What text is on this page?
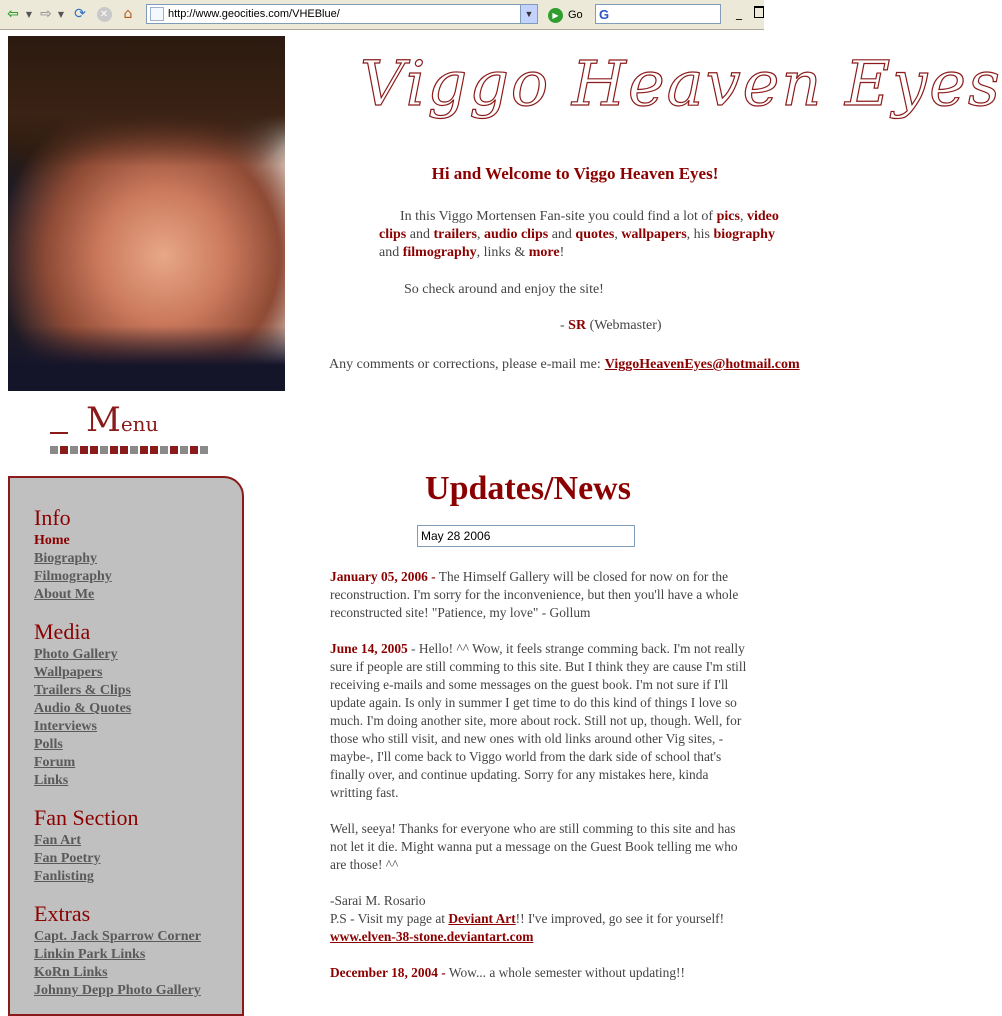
⇦ ▼ ⇨ ▼ ⟳	✕	⌂	http://www.geocities.com/VHEBlue/	▼	▶ Go G	_
Viggo Heaven Eyes
Hi and Welcome to Viggo Heaven Eyes!
In this Viggo Mortensen Fan-site you could find a lot of pics, video clips and trailers, audio clips and quotes, wallpapers, his biography and filmography, links & more!
So check around and enjoy the site!
- SR (Webmaster)
Any comments or corrections, please e-mail me: ViggoHeavenEyes@hotmail.com
Menu
Info
Home
Biography
Filmography
About Me
Media
Photo Gallery
Wallpapers
Trailers & Clips
Audio & Quotes
Interviews
Polls
Forum
Links
Fan Section
Fan Art
Fan Poetry
Fanlisting
Extras
Capt. Jack Sparrow Corner
Linkin Park Links
KoRn Links
Johnny Depp Photo Gallery
Updates/News
May 28 2006

January 05, 2006 - The Himself Gallery will be closed for now on for the reconstruction. I'm sorry for the inconvenience, but then you'll have a whole reconstructed site! "Patience, my love" - Gollum

June 14, 2005 - Hello! ^^ Wow, it feels strange comming back. I'm not really sure if people are still comming to this site. But I think they are cause I'm still receiving e-mails and some messages on the guest book. I'm not sure if I'll update again. Is only in summer I get time to do this kind of things I love so much. I'm doing another site, more about rock. Still not up, though. Well, for those who still visit, and new ones with old links around other Vig sites, -maybe-, I'll come back to Viggo world from the dark side of school that's finally over, and continue updating. Sorry for any mistakes here, kinda writting fast.

Well, seeya! Thanks for everyone who are still comming to this site and has not let it die. Might wanna put a message on the Guest Book telling me who are those! ^^

-Sarai M. Rosario
P.S - Visit my page at Deviant Art!! I've improved, go see it for yourself! www.elven-38-stone.deviantart.com

December 18, 2004 - Wow... a whole semester without updating!!
